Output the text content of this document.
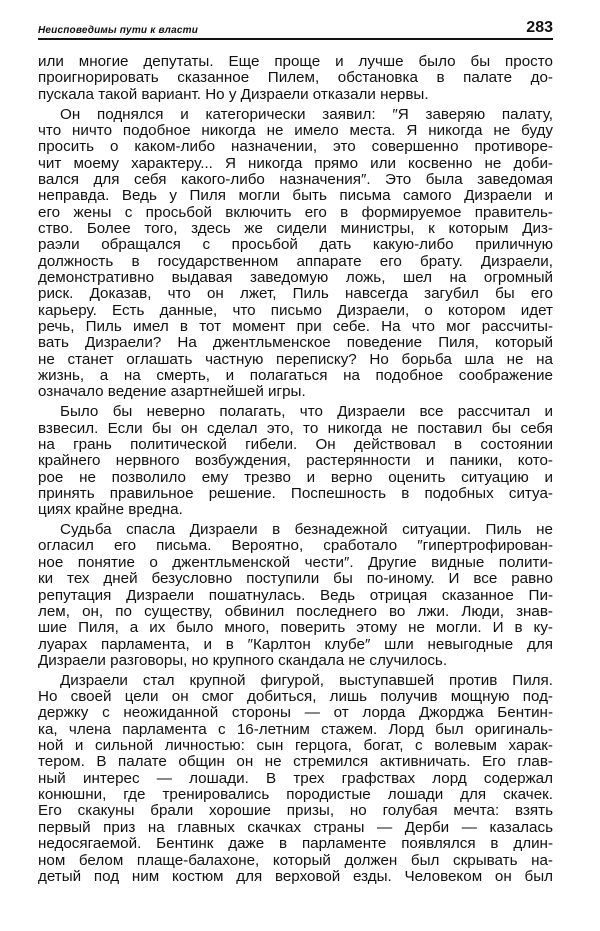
Неисповедимы пути к власти	283
или многие депутаты. Еще проще и лучше было бы просто
проигнорировать сказанное Пилем, обстановка в палате до-
пускала такой вариант. Но у Дизраели отказали нервы.
Он поднялся и категорически заявил: ″Я заверяю палату,
что ничто подобное никогда не имело места. Я никогда не буду
просить о каком-либо назначении, это совершенно противоре-
чит моему характеру... Я никогда прямо или косвенно не доби-
вался для себя какого-либо назначения″. Это была заведомая
неправда. Ведь у Пиля могли быть письма самого Дизраели и
его жены с просьбой включить его в формируемое правитель-
ство. Более того, здесь же сидели министры, к которым Диз-
раэли обращался с просьбой дать какую-либо приличную
должность в государственном аппарате его брату. Дизраели,
демонстративно выдавая заведомую ложь, шел на огромный
риск. Доказав, что он лжет, Пиль навсегда загубил бы его
карьеру. Есть данные, что письмо Дизраели, о котором идет
речь, Пиль имел в тот момент при себе. На что мог рассчиты-
вать Дизраели? На джентльменское поведение Пиля, который
не станет оглашать частную переписку? Но борьба шла не на
жизнь, а на смерть, и полагаться на подобное соображение
означало ведение азартнейшей игры.
Было бы неверно полагать, что Дизраели все рассчитал и
взвесил. Если бы он сделал это, то никогда не поставил бы себя
на грань политической гибели. Он действовал в состоянии
крайнего нервного возбуждения, растерянности и паники, кото-
рое не позволило ему трезво и верно оценить ситуацию и
принять правильное решение. Поспешность в подобных ситуа-
циях крайне вредна.
Судьба спасла Дизраели в безнадежной ситуации. Пиль не
огласил его письма. Вероятно, сработало ″гипертрофирован-
ное понятие о джентльменской чести″. Другие видные полити-
ки тех дней безусловно поступили бы по-иному. И все равно
репутация Дизраели пошатнулась. Ведь отрицая сказанное Пи-
лем, он, по существу, обвинил последнего во лжи. Люди, знав-
шие Пиля, а их было много, поверить этому не могли. И в ку-
луарах парламента, и в ″Карлтон клубе″ шли невыгодные для
Дизраели разговоры, но крупного скандала не случилось.
Дизраели стал крупной фигурой, выступавшей против Пиля.
Но своей цели он смог добиться, лишь получив мощную под-
держку с неожиданной стороны — от лорда Джорджа Бентин-
ка, члена парламента с 16-летним стажем. Лорд был оригиналь-
ной и сильной личностью: сын герцога, богат, с волевым харак-
тером. В палате общин он не стремился активничать. Его глав-
ный интерес — лошади. В трех графствах лорд содержал
конюшни, где тренировались породистые лошади для скачек.
Его скакуны брали хорошие призы, но голубая мечта: взять
первый приз на главных скачках страны — Дерби — казалась
недосягаемой. Бентинк даже в парламенте появлялся в длин-
ном белом плаще-балахоне, который должен был скрывать на-
детый под ним костюм для верховой езды. Человеком он был
